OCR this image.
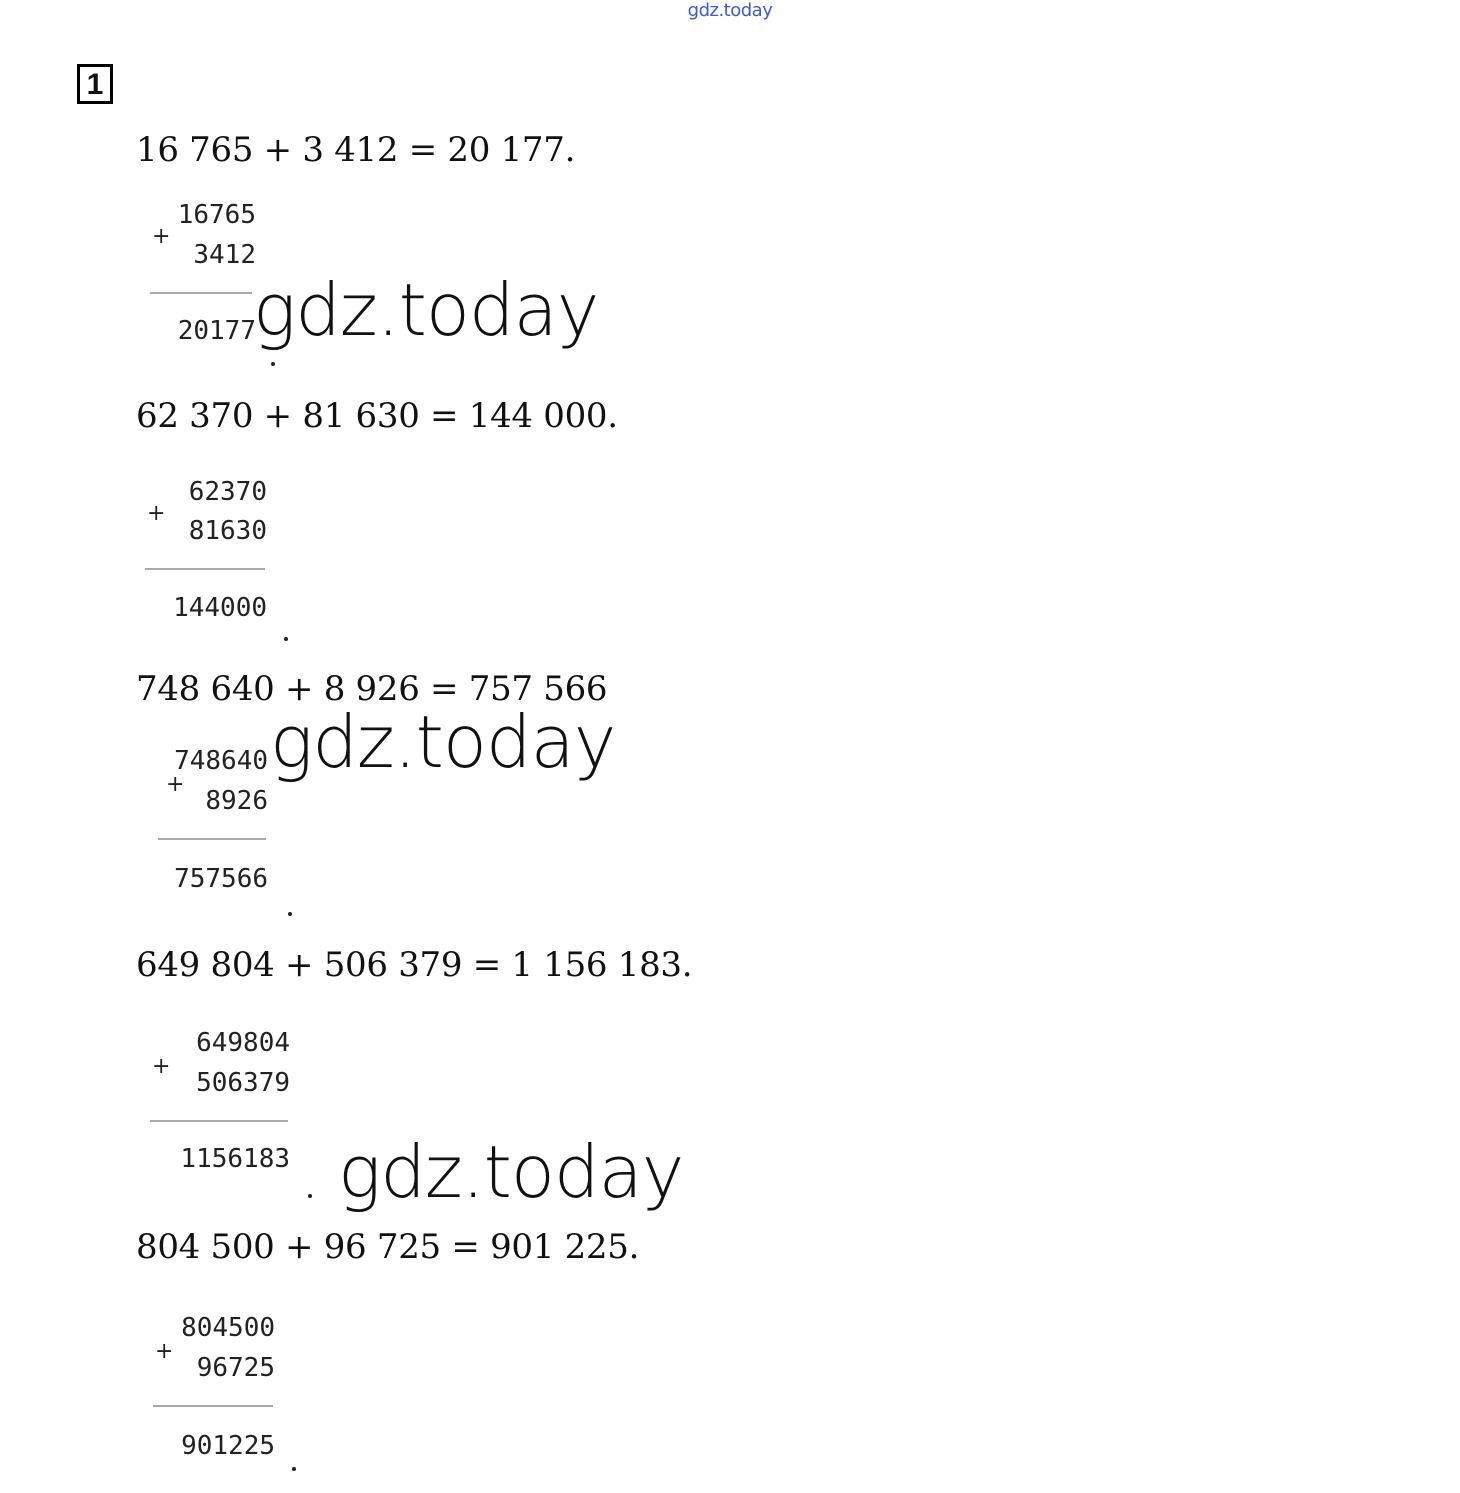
gdz.today
1
16 765 + 3 412 = 20 177.
16765
+
3412
20177
gdz.today
62 370 + 81 630 = 144 000.
62370
+
81630
144000
748 640 + 8 926 = 757 566
748640
+
8926
757566
gdz.today
649 804 + 506 379 = 1 156 183.
649804
+
506379
1156183 gdz.today
804 500 + 96 725 = 901 225.
804500
+
96725
901225
